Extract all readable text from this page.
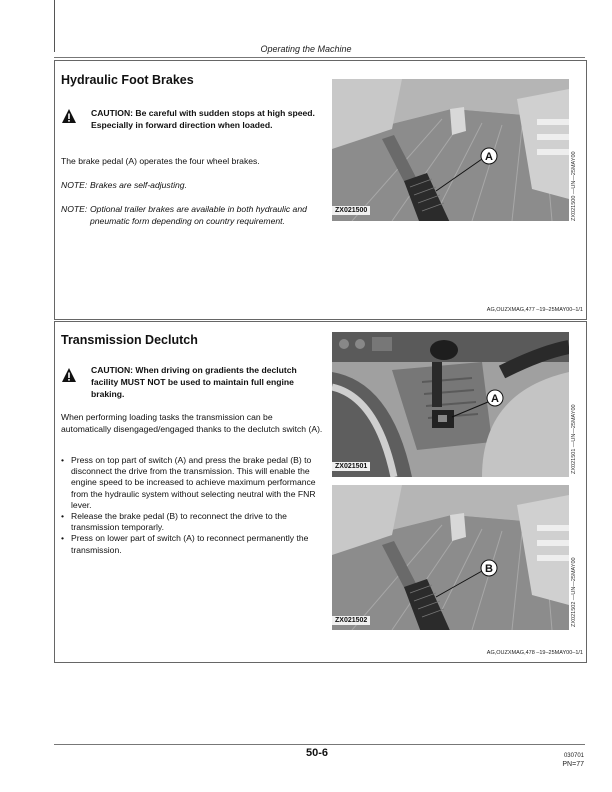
Operating the Machine
Hydraulic Foot Brakes
CAUTION: Be careful with sudden stops at high speed. Especially in forward direction when loaded.
The brake pedal (A) operates the four wheel brakes.
NOTE: Brakes are self-adjusting.
NOTE: Optional trailer brakes are available in both hydraulic and pneumatic form depending on country requirement.
A
ZX021500	ZX021500 —UN—25MAY00
AG,OUZXMAG,477 –19–25MAY00–1/1
Transmission Declutch
CAUTION: When driving on gradients the declutch facility MUST NOT be used to maintain full engine braking.
When performing loading tasks the transmission can be automatically disengaged/engaged thanks to the declutch switch (A).
• Press on top part of switch (A) and press the brake pedal (B) to disconnect the drive from the transmission. This will enable the engine speed to be increased to achieve maximum performance from the hydraulic system without selecting neutral with the FNR lever.
• Release the brake pedal (B) to reconnect the drive to the transmission temporarly.
• Press on lower part of switch (A) to reconnect permanently the transmission.
A
ZX021501	ZX021501 —UN—25MAY00
B
ZX021502	ZX021502 —UN—25MAY00
AG,OUZXMAG,478 –19–25MAY00–1/1
50-6	030701
PN=77
